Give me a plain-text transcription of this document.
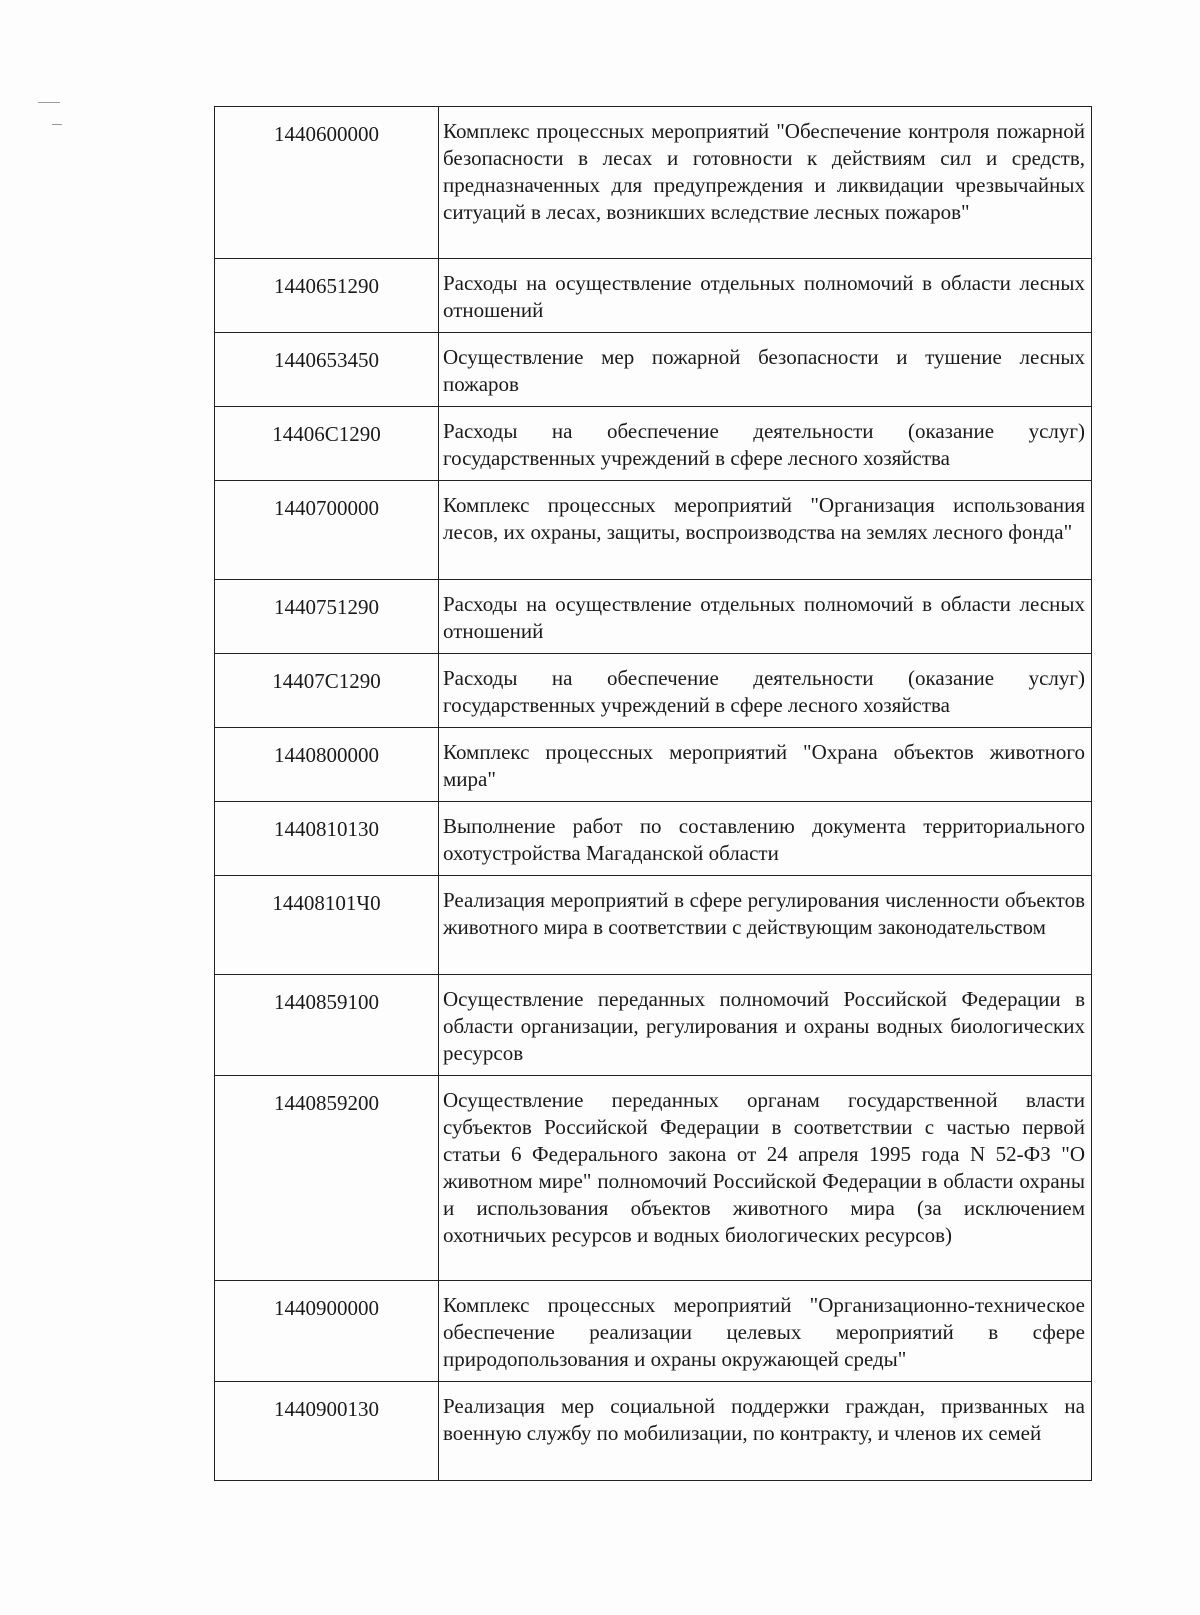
1440600000	Комплекс процессных мероприятий "Обеспечение контроля пожарной безопасности в лесах и готовности к действиям сил и средств, предназначенных для предупреждения и ликвидации чрезвычайных ситуаций в лесах, возникших вследствие лесных пожаров"
1440651290	Расходы на осуществление отдельных полномочий в области лесных отношений
1440653450	Осуществление мер пожарной безопасности и тушение лесных пожаров
14406С1290	Расходы на обеспечение деятельности (оказание услуг) государственных учреждений в сфере лесного хозяйства
1440700000	Комплекс процессных мероприятий "Организация использования лесов, их охраны, защиты, воспроизводства на землях лесного фонда"
1440751290	Расходы на осуществление отдельных полномочий в области лесных отношений
14407С1290	Расходы на обеспечение деятельности (оказание услуг) государственных учреждений в сфере лесного хозяйства
1440800000	Комплекс процессных мероприятий "Охрана объектов животного мира"
1440810130	Выполнение работ по составлению документа территориального охотустройства Магаданской области
14408101Ч0	Реализация мероприятий в сфере регулирования численности объектов животного мира в соответствии с действующим законодательством
1440859100	Осуществление переданных полномочий Российской Федерации в области организации, регулирования и охраны водных биологических ресурсов
1440859200	Осуществление переданных органам государственной власти субъектов Российской Федерации в соответствии с частью первой статьи 6 Федерального закона от 24 апреля 1995 года N 52-ФЗ "О животном мире" полномочий Российской Федерации в области охраны и использования объектов животного мира (за исключением охотничьих ресурсов и водных биологических ресурсов)
1440900000	Комплекс процессных мероприятий "Организационно-техническое обеспечение реализации целевых мероприятий в сфере природопользования и охраны окружающей среды"
1440900130	Реализация мер социальной поддержки граждан, призванных на военную службу по мобилизации, по контракту, и членов их семей
